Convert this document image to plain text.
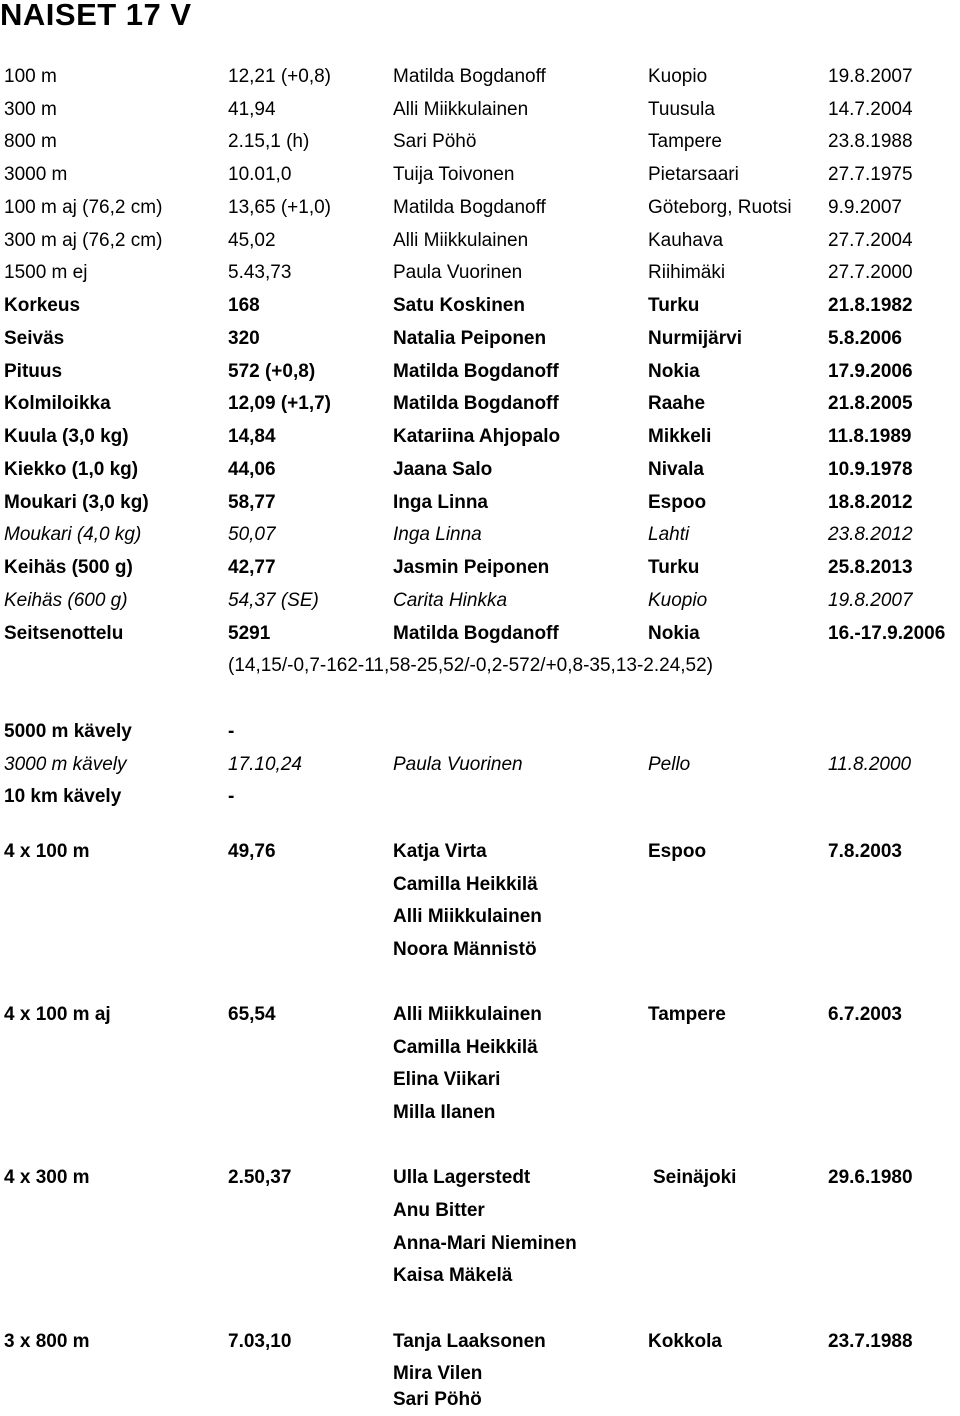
NAISET 17 V
100 m	12,21 (+0,8)	Matilda Bogdanoff	Kuopio	19.8.2007
300 m	41,94	Alli Miikkulainen	Tuusula	14.7.2004
800 m	2.15,1 (h)	Sari Pöhö	Tampere	23.8.1988
3000 m	10.01,0	Tuija Toivonen	Pietarsaari	27.7.1975
100 m aj (76,2 cm)	13,65 (+1,0)	Matilda Bogdanoff	Göteborg, Ruotsi 9.9.2007
300 m aj (76,2 cm)	45,02	Alli Miikkulainen	Kauhava	27.7.2004
1500 m ej	5.43,73	Paula Vuorinen	Riihimäki	27.7.2000
Korkeus	168	Satu Koskinen	Turku	21.8.1982
Seiväs	320	Natalia Peiponen	Nurmijärvi	5.8.2006
Pituus	572 (+0,8)	Matilda Bogdanoff	Nokia	17.9.2006
Kolmiloikka	12,09 (+1,7)	Matilda Bogdanoff	Raahe	21.8.2005
Kuula (3,0 kg)	14,84	Katariina Ahjopalo	Mikkeli	11.8.1989
Kiekko (1,0 kg)	44,06	Jaana Salo	Nivala	10.9.1978
Moukari (3,0 kg)	58,77	Inga Linna	Espoo	18.8.2012
Moukari (4,0 kg)	50,07	Inga Linna	Lahti	23.8.2012
Keihäs (500 g)	42,77	Jasmin Peiponen	Turku	25.8.2013
Keihäs (600 g)	54,37 (SE)	Carita Hinkka	Kuopio	19.8.2007
Seitsenottelu	5291	Matilda Bogdanoff	Nokia	16.-17.9.2006
(14,15/-0,7-162-11,58-25,52/-0,2-572/+0,8-35,13-2.24,52)
5000 m kävely	-
3000 m kävely	17.10,24	Paula Vuorinen	Pello	11.8.2000
10 km kävely	-
4 x 100 m	49,76	Katja Virta	Espoo	7.8.2003
Camilla Heikkilä
Alli Miikkulainen
Noora Männistö
4 x 100 m aj	65,54	Alli Miikkulainen	Tampere	6.7.2003
Camilla Heikkilä
Elina Viikari
Milla Ilanen
4 x 300 m	2.50,37	Ulla Lagerstedt	Seinäjoki	29.6.1980
Anu Bitter
Anna-Mari Nieminen
Kaisa Mäkelä
3 x 800 m	7.03,10	Tanja Laaksonen	Kokkola	23.7.1988
Mira Vilen
Sari Pöhö
